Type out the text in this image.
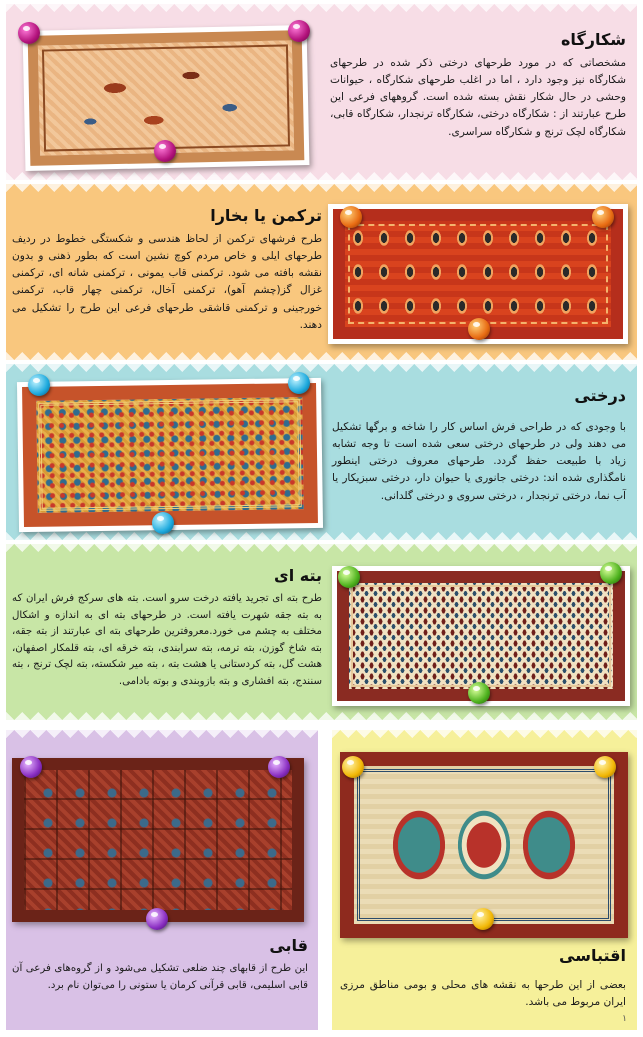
شکارگاه
مشخصاتی که در مورد طرحهای درختی ذکر شده در طرحهای شکارگاه نیز وجود دارد ، اما در اغلب طرحهای شکارگاه ، حیوانات وحشی در حال شکار نقش بسته شده است. گروههای فرعی این طرح عبارتند از : شکارگاه درختی، شکارگاه ترنجدار، شکارگاه قابی، شکارگاه لچک ترنج و شکارگاه سراسری.
ترکمن یا بخارا
طرح فرشهای ترکمن از لحاظ هندسی و شکستگی خطوط در ردیف طرحهای ایلی و خاص مردم کوچ نشین است که بطور ذهنی و بدون نقشه بافته می شود. ترکمنی قاب یمونی ، ترکمنی شانه ای، ترکمنی غزال گز(چشم آهو)، ترکمنی آخال، ترکمنی چهار قاب، ترکمنی خورجینی و ترکمنی قاشقی طرحهای فرعی این طرح را تشکیل می دهند.
درختی
با وجودی که در طراحی فرش اساس کار را شاخه و برگها تشکیل می دهند ولی در طرحهای درختی سعی شده است تا وجه تشابه زیاد با طبیعت حفظ گردد. طرحهای معروف درختی اینطور نامگذاری شده اند: درختی جانوری یا حیوان دار، درختی سبزیکار یا آب نما، درختی ترنجدار ، درختی سروی و درختی گلدانی.
بته ای
طرح بته ای تجرید یافته درخت سرو است. بته های سرکج فرش ایران که به بته جقه شهرت یافته است. در طرحهای بته ای به اندازه و اشکال مختلف به چشم می خورد.معروفترین طرحهای بته ای عبارتند از بته جقه، بته شاخ گوزن، بته ترمه، بته سرابندی، بته خرقه ای، بته قلمکار اصفهان، هشت گل، بته کردستانی یا هشت بته ، بته میر شکسته، بته لچک ترنج ، بته سنندج، بته افشاری و بته بازوبندی و بوته بادامی.
قابی
این طرح از قابهای چند ضلعی تشکیل می‌شود و از گروه‌های فرعی آن قابی اسلیمی، قابی قرآنی کرمان یا ستونی را می‌توان نام برد.
اقتباسی
بعضی از این طرحها به نقشه های محلی و بومی مناطق مرزی ایران مربوط می باشد.
۱
